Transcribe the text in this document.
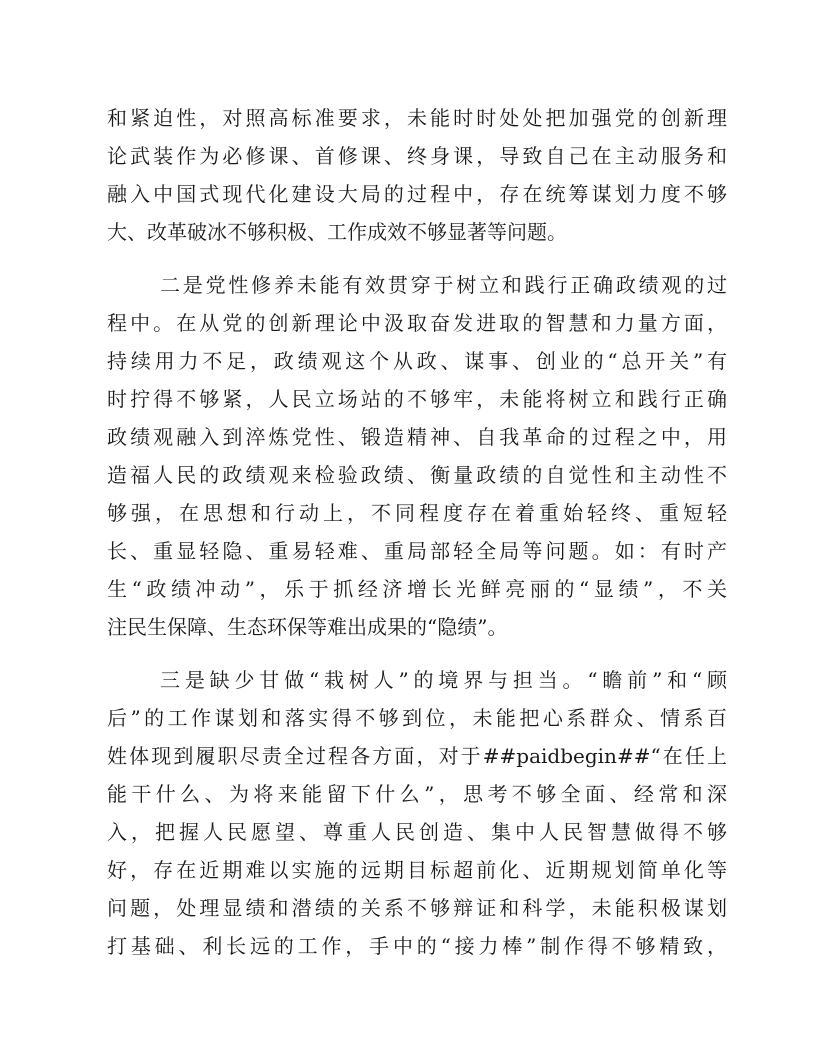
和紧迫性，对照高标准要求，未能时时处处把加强党的创新理
论武装作为必修课、首修课、终身课，导致自己在主动服务和
融入中国式现代化建设大局的过程中，存在统筹谋划力度不够
大、改革破冰不够积极、工作成效不够显著等问题。
二是党性修养未能有效贯穿于树立和践行正确政绩观的过
程中。在从党的创新理论中汲取奋发进取的智慧和力量方面，
持续用力不足，政绩观这个从政、谋事、创业的“总开关”有
时拧得不够紧，人民立场站的不够牢，未能将树立和践行正确
政绩观融入到淬炼党性、锻造精神、自我革命的过程之中，用
造福人民的政绩观来检验政绩、衡量政绩的自觉性和主动性不
够强，在思想和行动上，不同程度存在着重始轻终、重短轻
长、重显轻隐、重易轻难、重局部轻全局等问题。如：有时产
生“政绩冲动”，乐于抓经济增长光鲜亮丽的“显绩”，不关
注民生保障、生态环保等难出成果的“隐绩”。
三是缺少甘做“栽树人”的境界与担当。“瞻前”和“顾
后”的工作谋划和落实得不够到位，未能把心系群众、情系百
姓体现到履职尽责全过程各方面，对于##paidbegin##“在任上
能干什么、为将来能留下什么”，思考不够全面、经常和深
入，把握人民愿望、尊重人民创造、集中人民智慧做得不够
好，存在近期难以实施的远期目标超前化、近期规划简单化等
问题，处理显绩和潜绩的关系不够辩证和科学，未能积极谋划
打基础、利长远的工作，手中的“接力棒”制作得不够精致，
